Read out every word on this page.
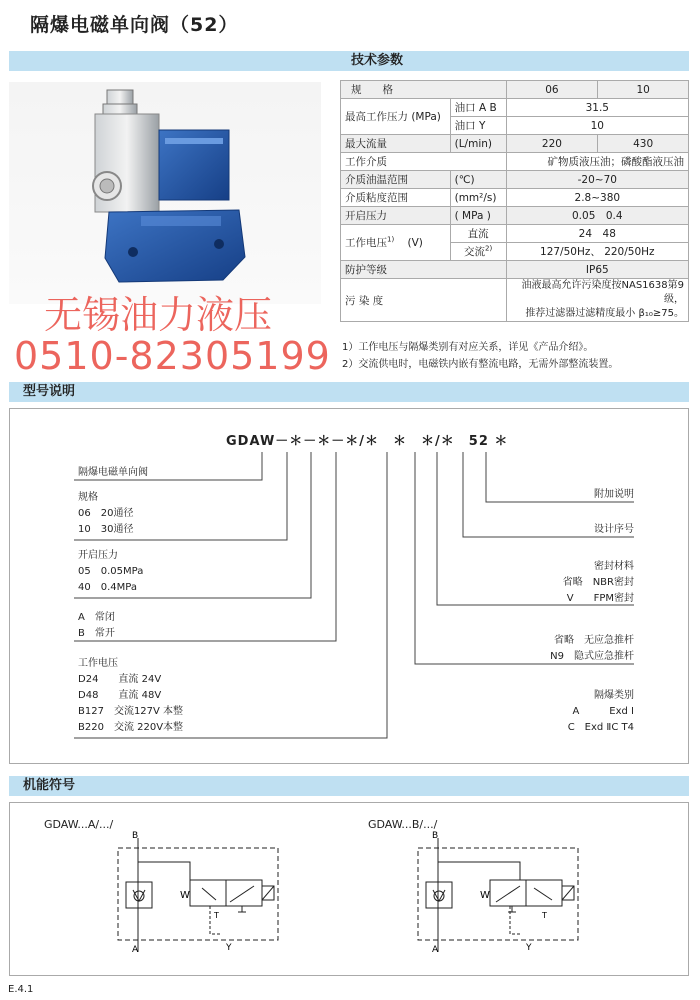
隔爆电磁单向阀（52）
技术参数
无锡油力液压
0510-82305199
规　　格		06	10
最高工作压力 (MPa)	油口 A B	31.5	
	油口 Y	10	
最大流量	(L/min)	220	430
工作介质		矿物质液压油；磷酸酯液压油	
介质油温范围	(℃)	-20~70	
介质粘度范围	(mm²/s)	2.8~380	
开启压力	( MPa )	0.05　0.4	
工作电压$^{1)}$ (V)	直流	24　48	
	交流$^{2)}$	127/50Hz、 220/50Hz	
防护等级		IP65	
污 染 度		油液最高允许污染度按NAS1638第9级，
推荐过滤器过滤精度最小 β₁₀≥75。	
1）工作电压与隔爆类别有对应关系，详见《产品介绍》。
2）交流供电时，电磁铁内嵌有整流电路，无需外部整流装置。
型号说明
GDAW－＊－＊－＊/＊　＊　＊/＊　52 ＊
隔爆电磁单向阀
规格
06　20通径
10　30通径
开启压力
05　0.05MPa
40　0.4MPa
A　常闭
B　常开
工作电压
D24　　直流 24V
D48　　直流 48V
B127　交流127V 本整
B220　交流 220V本整
附加说明
设计序号
密封材料
省略　NBR密封
V　　FPM密封
省略　无应急推杆
N9　隐式应急推杆
隔爆类别
A　　　Exd Ⅰ
C　Exd ⅡC T4
机能符号
GDAW...A/.../
B
A	Y
W
T
GDAW...B/.../
B
A	Y
W
T
E.4.1
